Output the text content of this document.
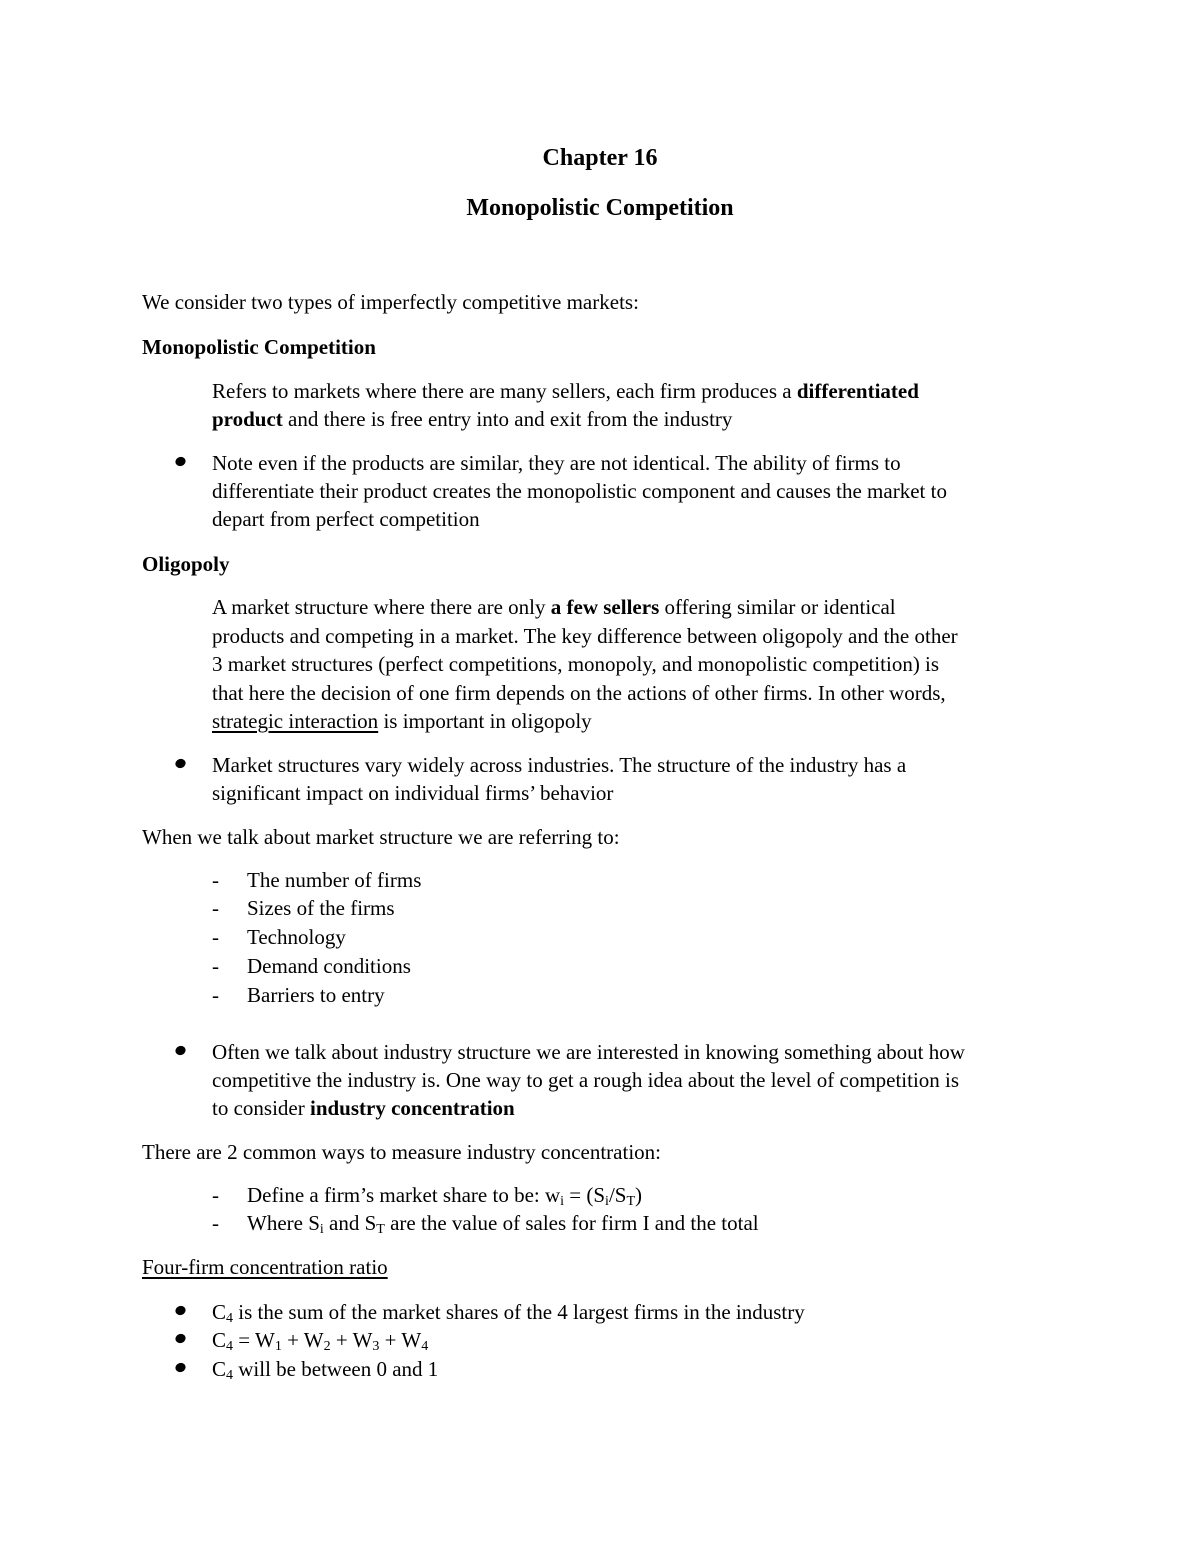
Chapter 16
Monopolistic Competition
We consider two types of imperfectly competitive markets:
Monopolistic Competition
Refers to markets where there are many sellers, each firm produces a differentiated
product and there is free entry into and exit from the industry
Note even if the products are similar, they are not identical. The ability of firms to
differentiate their product creates the monopolistic component and causes the market to
depart from perfect competition
Oligopoly
A market structure where there are only a few sellers offering similar or identical
products and competing in a market. The key difference between oligopoly and the other
3 market structures (perfect competitions, monopoly, and monopolistic competition) is
that here the decision of one firm depends on the actions of other firms. In other words,
strategic interaction is important in oligopoly
Market structures vary widely across industries. The structure of the industry has a
significant impact on individual firms’ behavior
When we talk about market structure we are referring to:
- The number of firms
- Sizes of the firms
- Technology
- Demand conditions
- Barriers to entry
Often we talk about industry structure we are interested in knowing something about how
competitive the industry is. One way to get a rough idea about the level of competition is
to consider industry concentration
There are 2 common ways to measure industry concentration:
- Define a firm’s market share to be: $w_i = (S_i/S_T)$
- Where $S_i$ and $S_T$ are the value of sales for firm I and the total
Four-firm concentration ratio
$C_4$ is the sum of the market shares of the 4 largest firms in the industry
$C_4 = W_1 + W_2 + W_3 + W_4$
$C_4$ will be between 0 and 1
